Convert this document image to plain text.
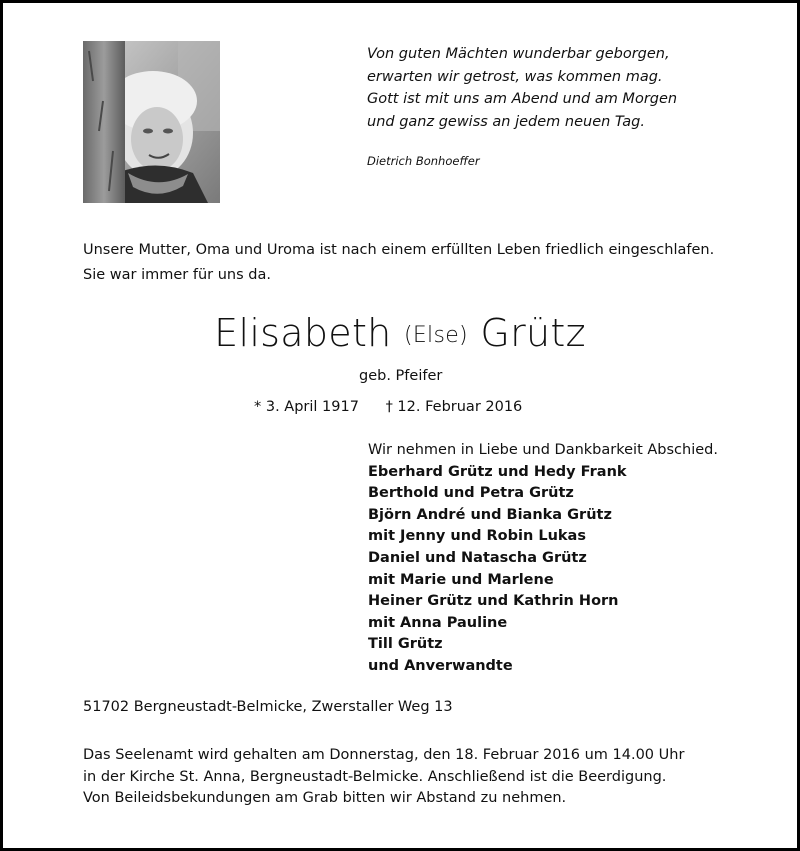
Von guten Mächten wunderbar geborgen,
erwarten wir getrost, was kommen mag.
Gott ist mit uns am Abend und am Morgen
und ganz gewiss an jedem neuen Tag.
Dietrich Bonhoeffer
Unsere Mutter, Oma und Uroma ist nach einem erfüllten Leben friedlich eingeschlafen.
Sie war immer für uns da.
Elisabeth (Else) Grütz
geb. Pfeifer
* 3. April 1917 † 12. Februar 2016
Wir nehmen in Liebe und Dankbarkeit Abschied.
Eberhard Grütz und Hedy Frank
Berthold und Petra Grütz
Björn André und Bianka Grütz
mit Jenny und Robin Lukas
Daniel und Natascha Grütz
mit Marie und Marlene
Heiner Grütz und Kathrin Horn
mit Anna Pauline
Till Grütz
und Anverwandte
51702 Bergneustadt-Belmicke, Zwerstaller Weg 13
Das Seelenamt wird gehalten am Donnerstag, den 18. Februar 2016 um 14.00 Uhr
in der Kirche St. Anna, Bergneustadt-Belmicke. Anschließend ist die Beerdigung.
Von Beileidsbekundungen am Grab bitten wir Abstand zu nehmen.
